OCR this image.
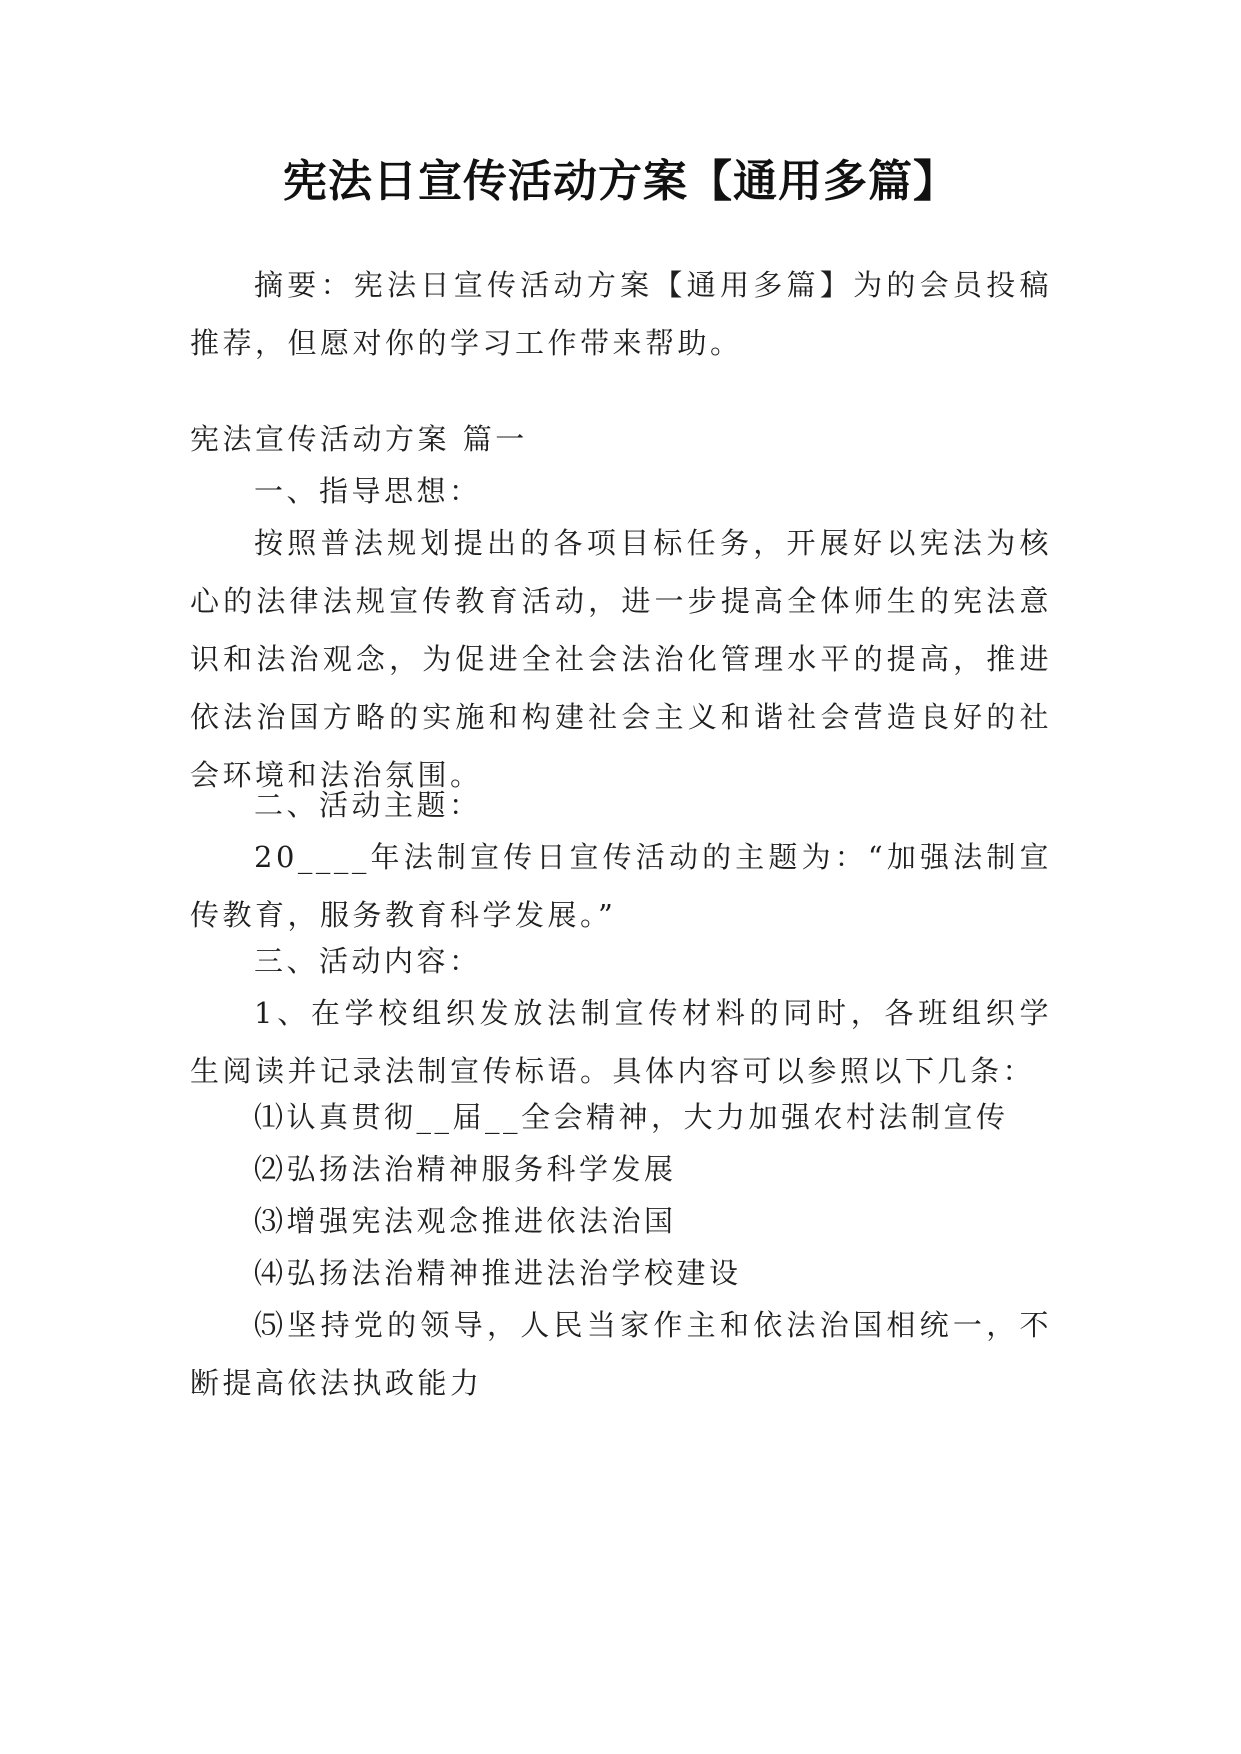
宪法日宣传活动方案【通用多篇】

摘要：宪法日宣传活动方案【通用多篇】为的会员投稿推荐，但愿对你的学习工作带来帮助。

宪法宣传活动方案 篇一

一、指导思想：

按照普法规划提出的各项目标任务，开展好以宪法为核心的法律法规宣传教育活动，进一步提高全体师生的宪法意识和法治观念，为促进全社会法治化管理水平的提高，推进依法治国方略的实施和构建社会主义和谐社会营造良好的社会环境和法治氛围。

二、活动主题：

20____年法制宣传日宣传活动的主题为：“加强法制宣传教育，服务教育科学发展。”

三、活动内容：

1、在学校组织发放法制宣传材料的同时，各班组织学生阅读并记录法制宣传标语。具体内容可以参照以下几条：

⑴认真贯彻__届__全会精神，大力加强农村法制宣传

⑵弘扬法治精神服务科学发展

⑶增强宪法观念推进依法治国

⑷弘扬法治精神推进法治学校建设

⑸坚持党的领导，人民当家作主和依法治国相统一，不断提高依法执政能力
